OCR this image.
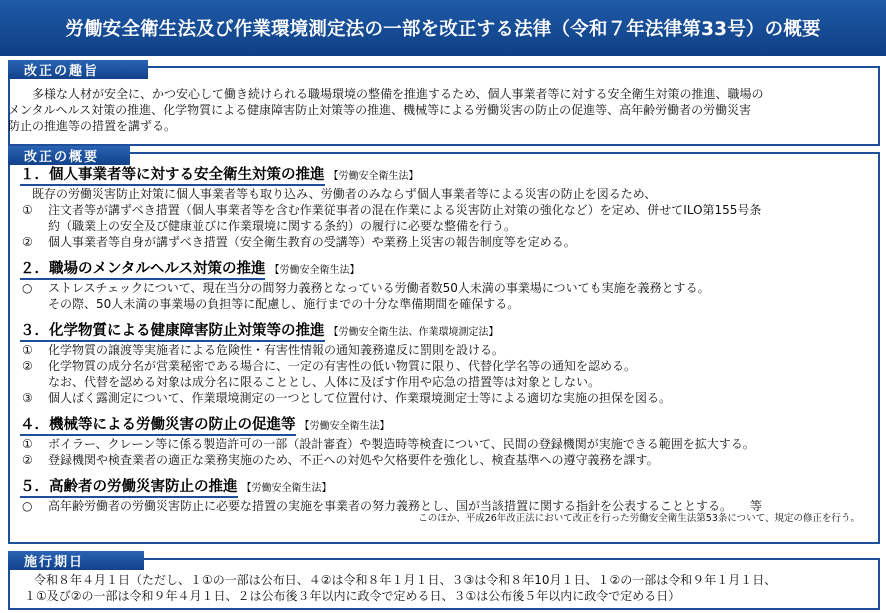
労働安全衛生法及び作業環境測定法の一部を改正する法律（令和７年法律第33号）の概要
多様な人材が安全に、かつ安心して働き続けられる職場環境の整備を推進するため、個人事業者等に対する安全衛生対策の推進、職場の
メンタルヘルス対策の推進、化学物質による健康障害防止対策等の推進、機械等による労働災害の防止の促進等、高年齢労働者の労働災害
防止の推進等の措置を講ずる。
改正の趣旨
１．個人事業者等に対する安全衛生対策の推進 【労働安全衛生法】
既存の労働災害防止対策に個人事業者等も取り込み、労働者のみならず個人事業者等による災害の防止を図るため、
① 注文者等が講ずべき措置（個人事業者等を含む作業従事者の混在作業による災害防止対策の強化など）を定め、併せてILO第155号条
約（職業上の安全及び健康並びに作業環境に関する条約）の履行に必要な整備を行う。
② 個人事業者等自身が講ずべき措置（安全衛生教育の受講等）や業務上災害の報告制度等を定める。
２．職場のメンタルヘルス対策の推進 【労働安全衛生法】
○ ストレスチェックについて、現在当分の間努力義務となっている労働者数50人未満の事業場についても実施を義務とする。
その際、50人未満の事業場の負担等に配慮し、施行までの十分な準備期間を確保する。
３．化学物質による健康障害防止対策等の推進 【労働安全衛生法、作業環境測定法】
① 化学物質の譲渡等実施者による危険性・有害性情報の通知義務違反に罰則を設ける。
② 化学物質の成分名が営業秘密である場合に、一定の有害性の低い物質に限り、代替化学名等の通知を認める。
なお、代替を認める対象は成分名に限ることとし、人体に及ぼす作用や応急の措置等は対象としない。
③ 個人ばく露測定について、作業環境測定の一つとして位置付け、作業環境測定士等による適切な実施の担保を図る。
４．機械等による労働災害の防止の促進等 【労働安全衛生法】
① ボイラー、クレーン等に係る製造許可の一部（設計審査）や製造時等検査について、民間の登録機関が実施できる範囲を拡大する。
② 登録機関や検査業者の適正な業務実施のため、不正への対処や欠格要件を強化し、検査基準への遵守義務を課す。
５．高齢者の労働災害防止の推進 【労働安全衛生法】
○ 高年齢労働者の労働災害防止に必要な措置の実施を事業者の努力義務とし、国が当該措置に関する指針を公表することとする。　　等
このほか、平成26年改正法において改正を行った労働安全衛生法第53条について、規定の修正を行う。
改正の概要
令和８年４月１日（ただし、１①の一部は公布日、４②は令和８年１月１日、３③は令和８年10月１日、１②の一部は令和９年１月１日、
１①及び②の一部は令和９年４月１日、２は公布後３年以内に政令で定める日、３①は公布後５年以内に政令で定める日）
施行期日
